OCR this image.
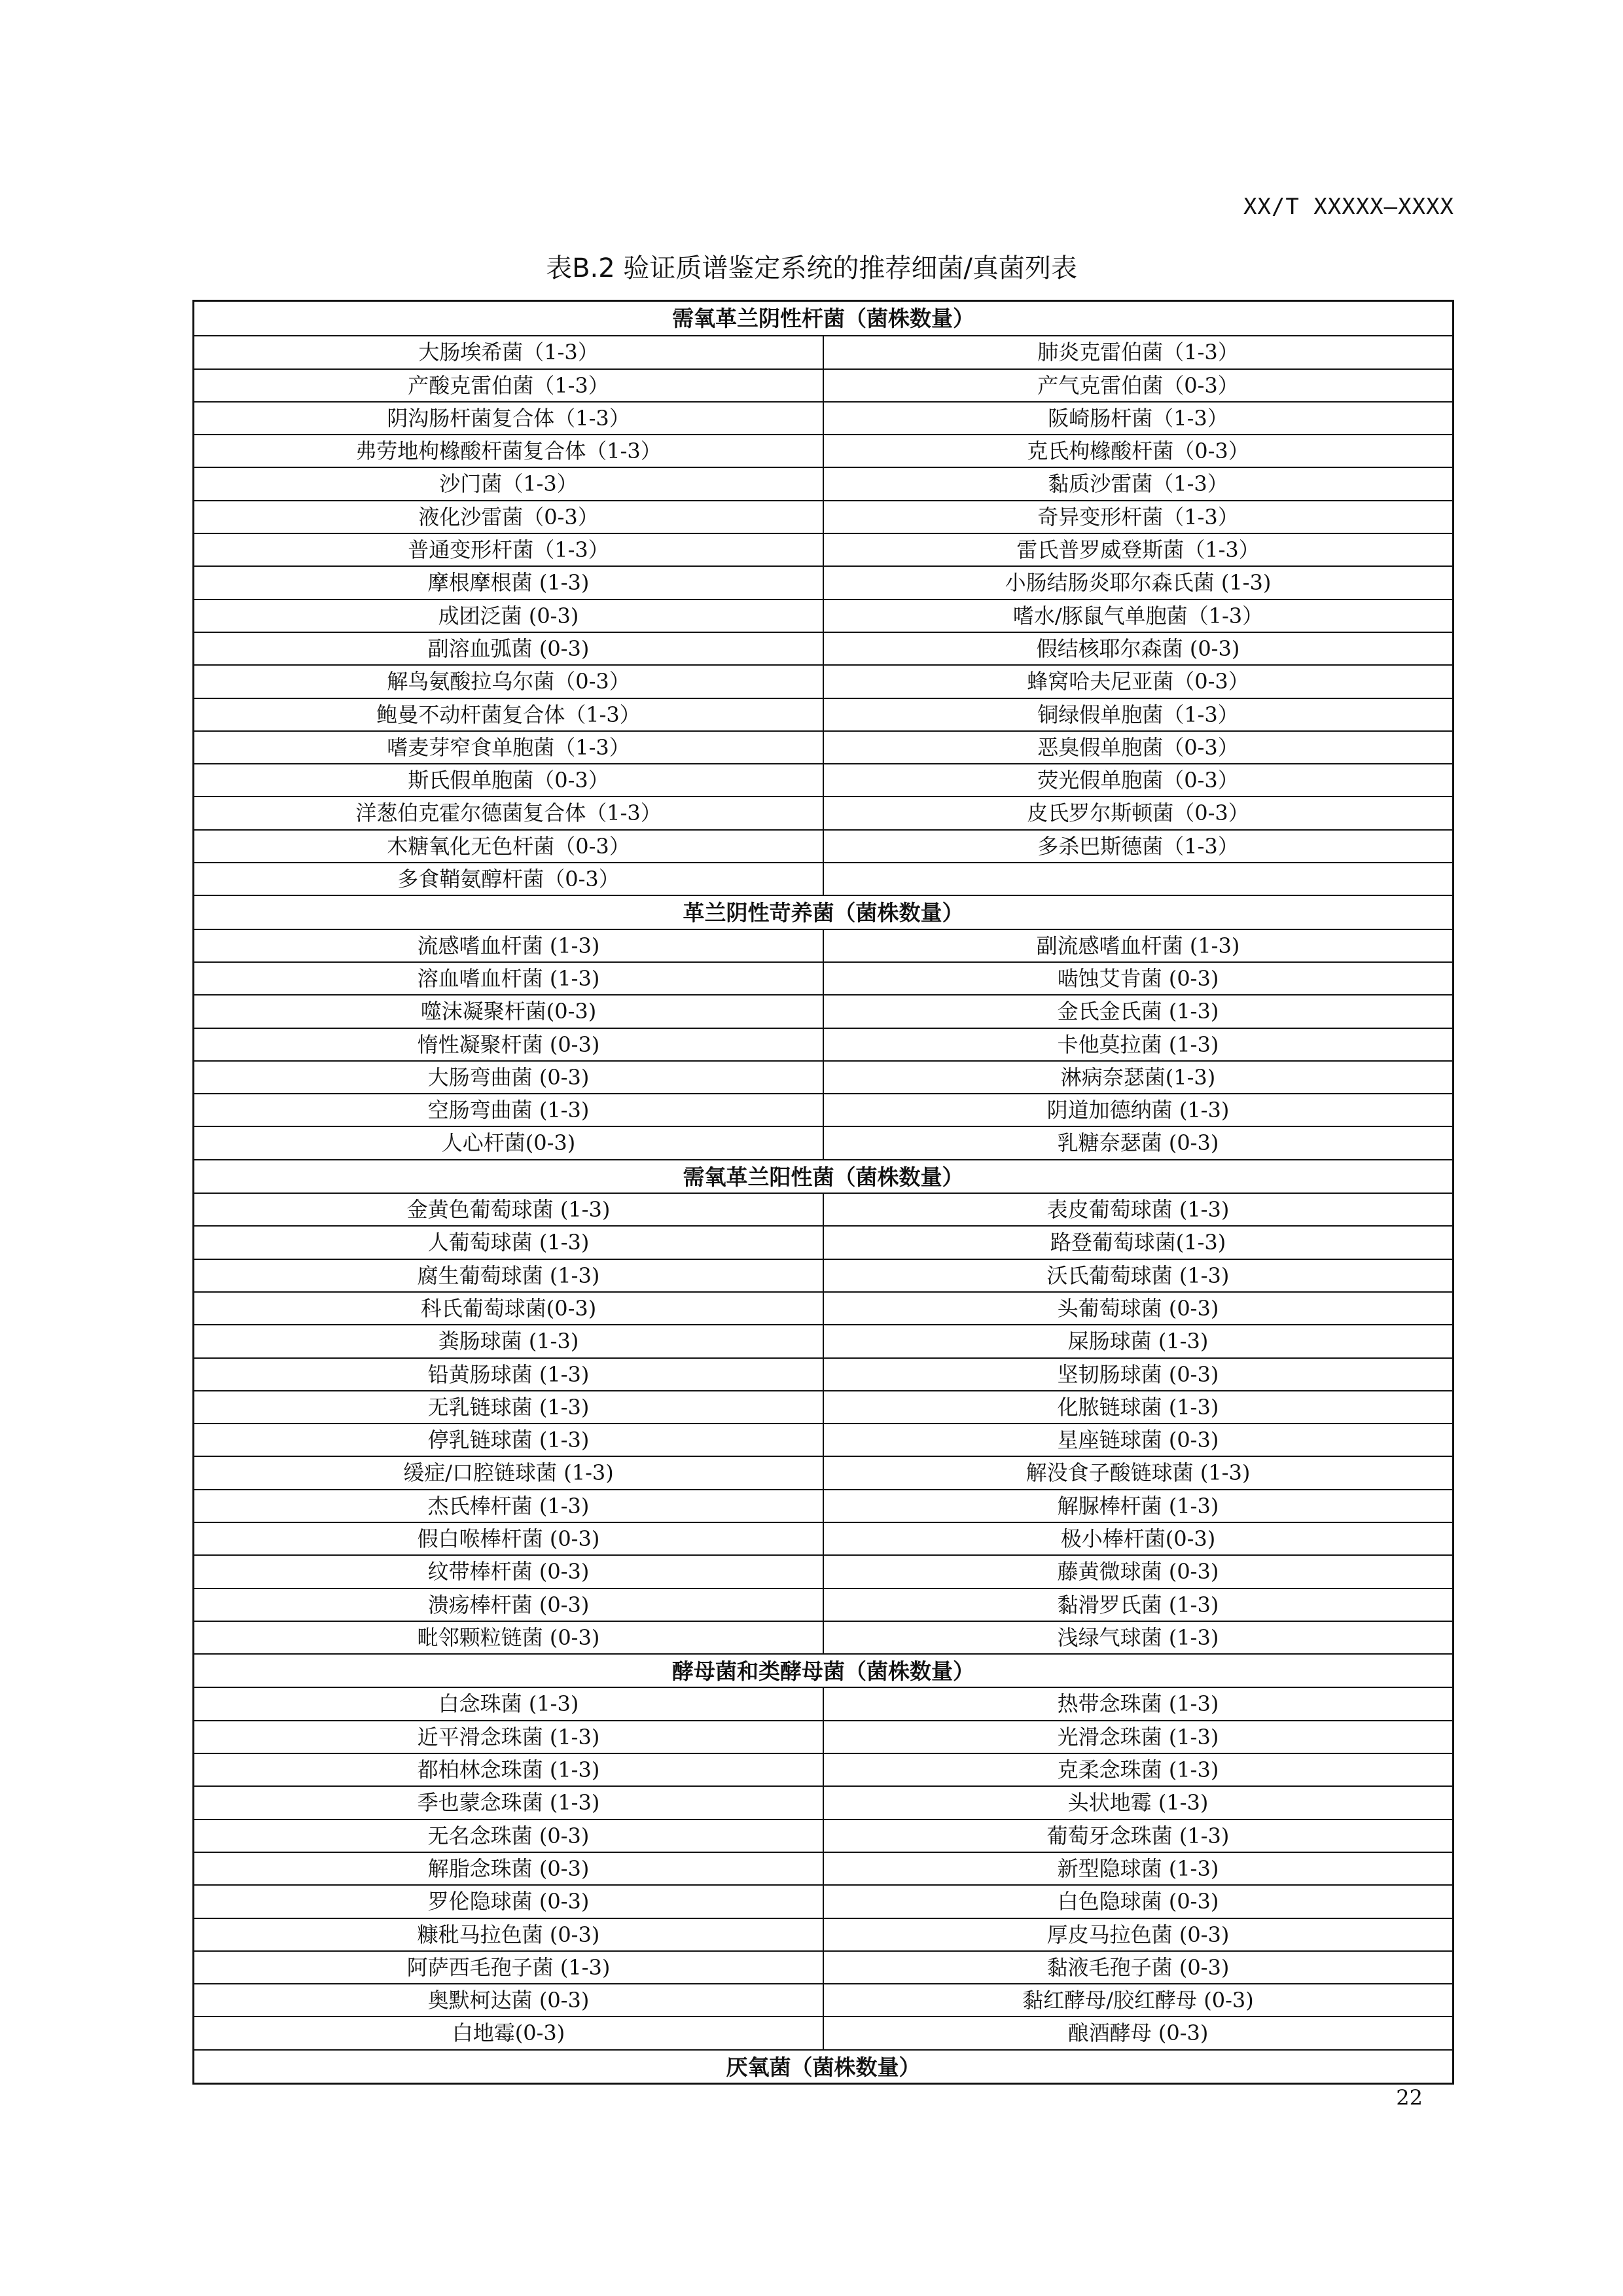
XX/T XXXXX—XXXX
表B.2 验证质谱鉴定系统的推荐细菌/真菌列表
需氧革兰阴性杆菌（菌株数量）
大肠埃希菌（1-3）	肺炎克雷伯菌（1-3）
产酸克雷伯菌（1-3）	产气克雷伯菌（0-3）
阴沟肠杆菌复合体（1-3）	阪崎肠杆菌（1-3）
弗劳地枸橼酸杆菌复合体（1-3）	克氏枸橼酸杆菌（0-3）
沙门菌（1-3）	黏质沙雷菌（1-3）
液化沙雷菌（0-3）	奇异变形杆菌（1-3）
普通变形杆菌（1-3）	雷氏普罗威登斯菌（1-3）
摩根摩根菌 (1-3)	小肠结肠炎耶尔森氏菌 (1-3)
成团泛菌 (0-3)	嗜水/豚鼠气单胞菌（1-3）
副溶血弧菌 (0-3)	假结核耶尔森菌 (0-3)
解鸟氨酸拉乌尔菌（0-3）	蜂窝哈夫尼亚菌（0-3）
鲍曼不动杆菌复合体（1-3）	铜绿假单胞菌（1-3）
嗜麦芽窄食单胞菌（1-3）	恶臭假单胞菌（0-3）
斯氏假单胞菌（0-3）	荧光假单胞菌（0-3）
洋葱伯克霍尔德菌复合体（1-3）	皮氏罗尔斯顿菌（0-3）
木糖氧化无色杆菌（0-3）	多杀巴斯德菌（1-3）
多食鞘氨醇杆菌（0-3）
革兰阴性苛养菌（菌株数量）
流感嗜血杆菌 (1-3)	副流感嗜血杆菌 (1-3)
溶血嗜血杆菌 (1-3)	啮蚀艾肯菌 (0-3)
噬沫凝聚杆菌(0-3)	金氏金氏菌 (1-3)
惰性凝聚杆菌 (0-3)	卡他莫拉菌 (1-3)
大肠弯曲菌 (0-3)	淋病奈瑟菌(1-3)
空肠弯曲菌 (1-3)	阴道加德纳菌 (1-3)
人心杆菌(0-3)	乳糖奈瑟菌 (0-3)
需氧革兰阳性菌（菌株数量）
金黄色葡萄球菌 (1-3)	表皮葡萄球菌 (1-3)
人葡萄球菌 (1-3)	路登葡萄球菌(1-3)
腐生葡萄球菌 (1-3)	沃氏葡萄球菌 (1-3)
科氏葡萄球菌(0-3)	头葡萄球菌 (0-3)
粪肠球菌 (1-3)	屎肠球菌 (1-3)
铅黄肠球菌 (1-3)	坚韧肠球菌 (0-3)
无乳链球菌 (1-3)	化脓链球菌 (1-3)
停乳链球菌 (1-3)	星座链球菌 (0-3)
缓症/口腔链球菌 (1-3)	解没食子酸链球菌 (1-3)
杰氏棒杆菌 (1-3)	解脲棒杆菌 (1-3)
假白喉棒杆菌 (0-3)	极小棒杆菌(0-3)
纹带棒杆菌 (0-3)	藤黄微球菌 (0-3)
溃疡棒杆菌 (0-3)	黏滑罗氏菌 (1-3)
毗邻颗粒链菌 (0-3)	浅绿气球菌 (1-3)
酵母菌和类酵母菌（菌株数量）
白念珠菌 (1-3)	热带念珠菌 (1-3)
近平滑念珠菌 (1-3)	光滑念珠菌 (1-3)
都柏林念珠菌 (1-3)	克柔念珠菌 (1-3)
季也蒙念珠菌 (1-3)	头状地霉 (1-3)
无名念珠菌 (0-3)	葡萄牙念珠菌 (1-3)
解脂念珠菌 (0-3)	新型隐球菌 (1-3)
罗伦隐球菌 (0-3)	白色隐球菌 (0-3)
糠秕马拉色菌 (0-3)	厚皮马拉色菌 (0-3)
阿萨西毛孢子菌 (1-3)	黏液毛孢子菌 (0-3)
奥默柯达菌 (0-3)	黏红酵母/胶红酵母 (0-3)
白地霉(0-3)	酿酒酵母 (0-3)
厌氧菌（菌株数量）
22
